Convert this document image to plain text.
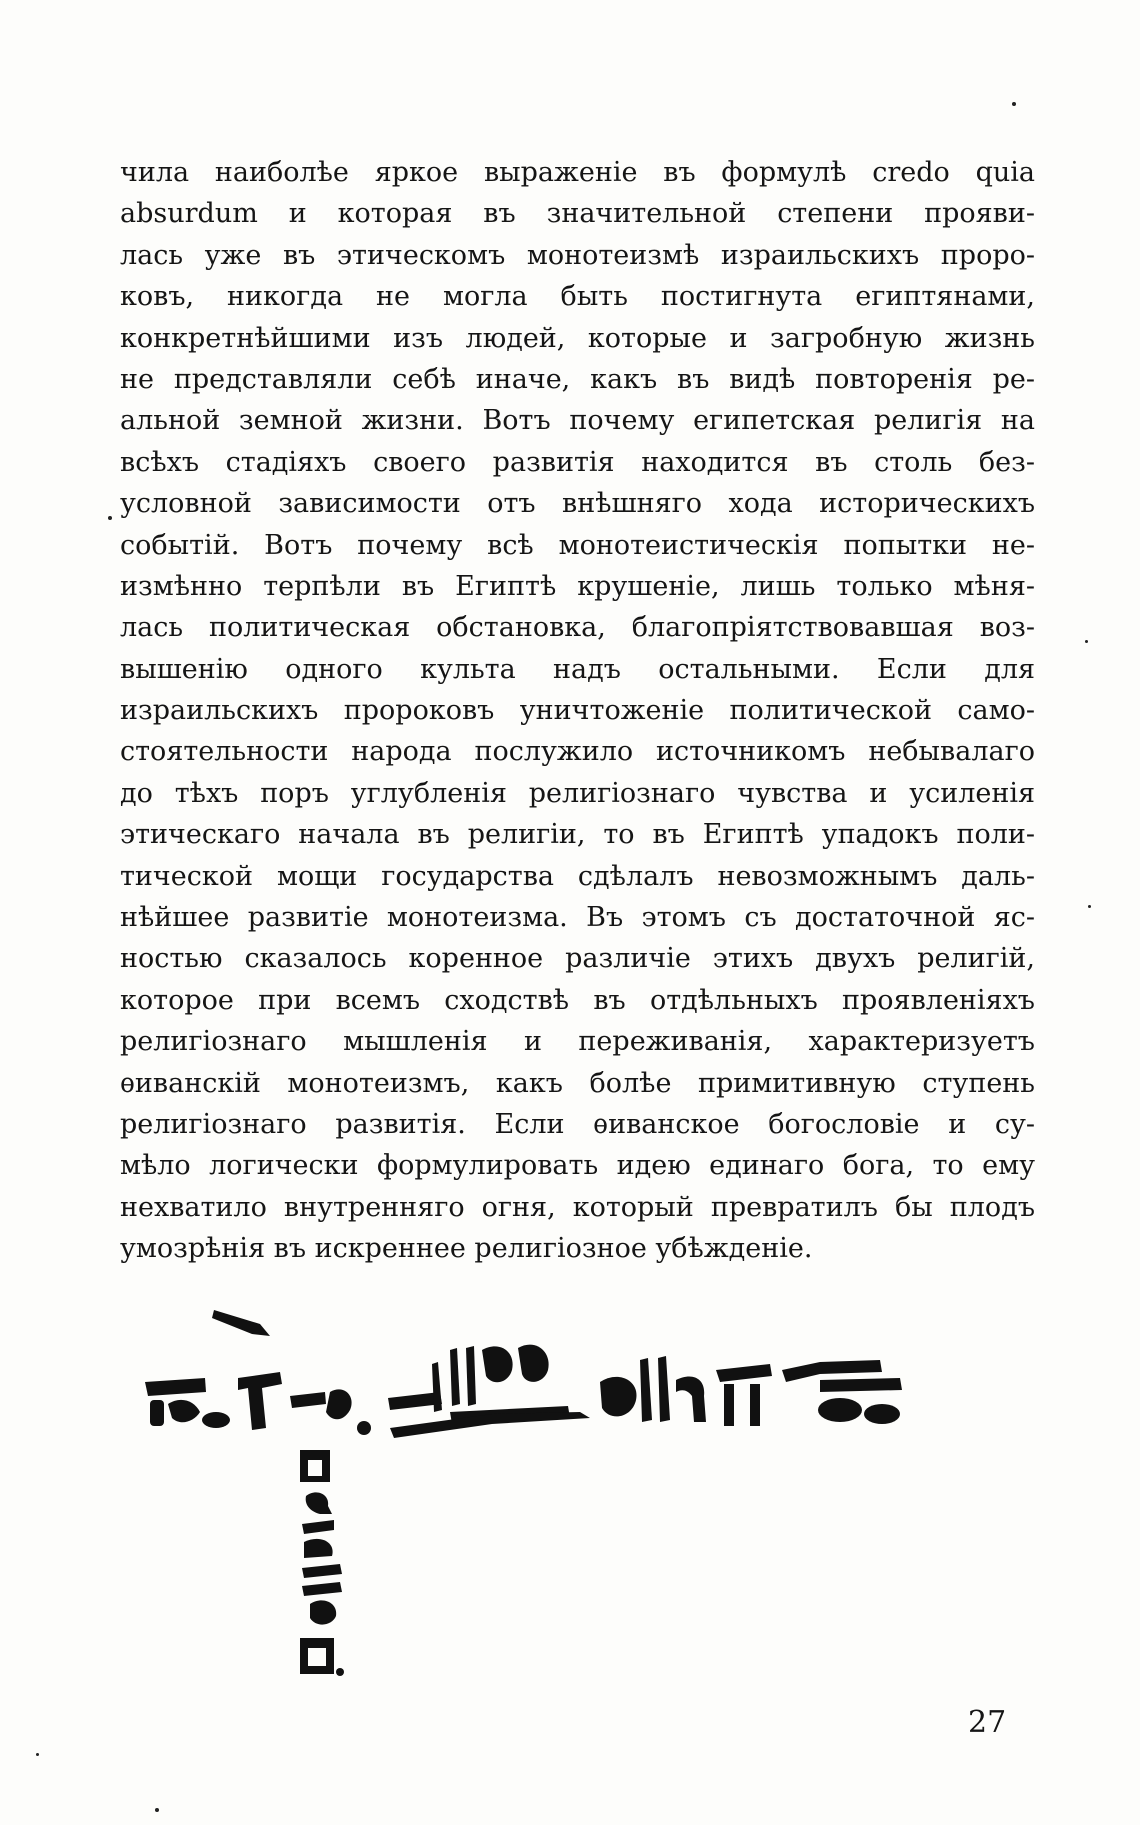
чила наиболѣе яркое выраженіе въ формулѣ credo quia
absurdum и которая въ значительной степени прояви-
лась уже въ этическомъ монотеизмѣ израильскихъ проро-
ковъ, никогда не могла быть постигнута египтянами,
конкретнѣйшими изъ людей, которые и загробную жизнь
не представляли себѣ иначе, какъ въ видѣ повторенія ре-
альной земной жизни. Вотъ почему египетская религія на
всѣхъ стадіяхъ своего развитія находится въ столь без-
условной зависимости отъ внѣшняго хода историческихъ
событій. Вотъ почему всѣ монотеистическія попытки не-
измѣнно терпѣли въ Египтѣ крушеніе, лишь только мѣня-
лась политическая обстановка, благопріятствовавшая воз-
вышенію одного культа надъ остальными. Если для
израильскихъ пророковъ уничтоженіе политической само-
стоятельности народа послужило источникомъ небывалаго
до тѣхъ поръ углубленія религіознаго чувства и усиленія
этическаго начала въ религіи, то въ Египтѣ упадокъ поли-
тической мощи государства сдѣлалъ невозможнымъ даль-
нѣйшее развитіе монотеизма. Въ этомъ съ достаточной яс-
ностью сказалось коренное различіе этихъ двухъ религій,
которое при всемъ сходствѣ въ отдѣльныхъ проявленіяхъ
религіознаго мышленія и переживанія, характеризуетъ
ѳиванскій монотеизмъ, какъ болѣе примитивную ступень
религіознаго развитія. Если ѳиванское богословіе и су-
мѣло логически формулировать идею единаго бога, то ему
нехватило внутренняго огня, который превратилъ бы плодъ
умозрѣнія въ искреннее религіозное убѣжденіе.
27
